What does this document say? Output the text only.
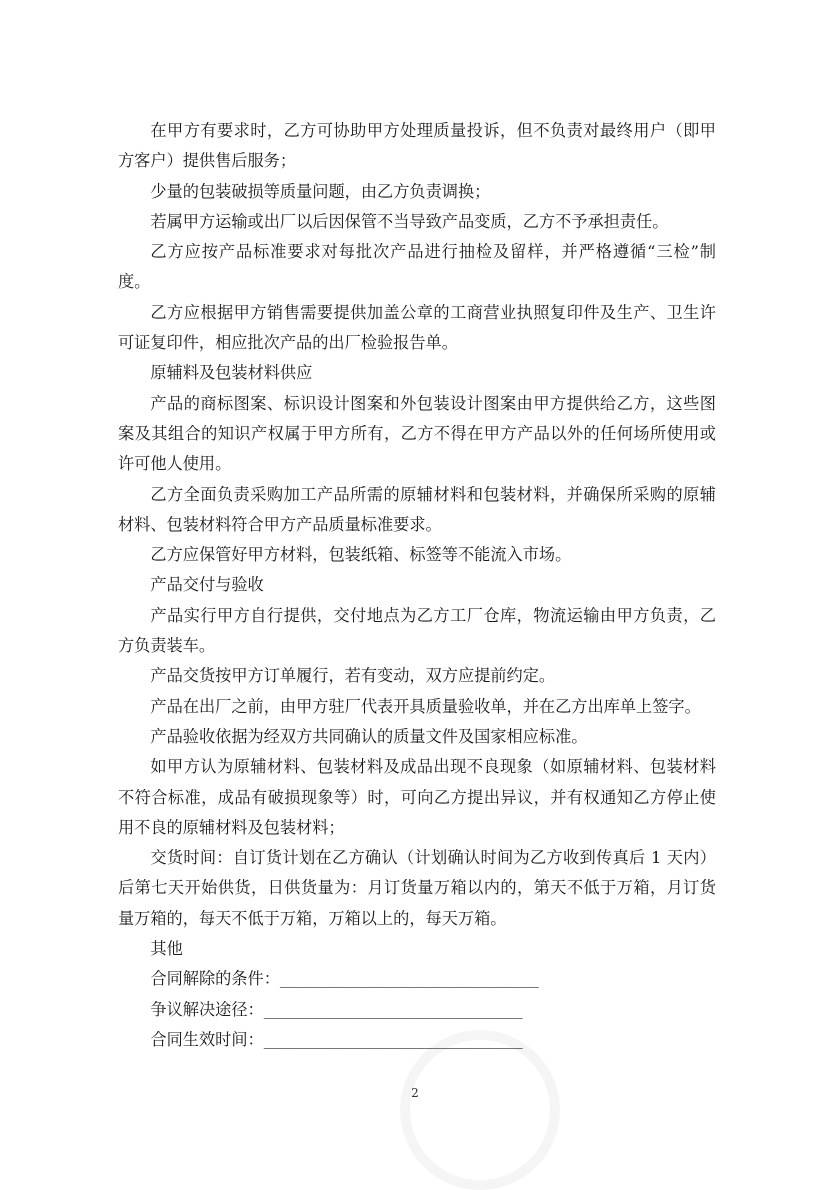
在甲方有要求时，乙方可协助甲方处理质量投诉，但不负责对最终用户（即甲方客户）提供售后服务；

少量的包装破损等质量问题，由乙方负责调换；

若属甲方运输或出厂以后因保管不当导致产品变质，乙方不予承担责任。

乙方应按产品标准要求对每批次产品进行抽检及留样，并严格遵循“三检”制度。

乙方应根据甲方销售需要提供加盖公章的工商营业执照复印件及生产、卫生许可证复印件，相应批次产品的出厂检验报告单。

原辅料及包装材料供应

产品的商标图案、标识设计图案和外包装设计图案由甲方提供给乙方，这些图案及其组合的知识产权属于甲方所有，乙方不得在甲方产品以外的任何场所使用或许可他人使用。

乙方全面负责采购加工产品所需的原辅材料和包装材料，并确保所采购的原辅材料、包装材料符合甲方产品质量标准要求。

乙方应保管好甲方材料，包装纸箱、标签等不能流入市场。

产品交付与验收

产品实行甲方自行提供，交付地点为乙方工厂仓库，物流运输由甲方负责，乙方负责装车。

产品交货按甲方订单履行，若有变动，双方应提前约定。

产品在出厂之前，由甲方驻厂代表开具质量验收单，并在乙方出库单上签字。

产品验收依据为经双方共同确认的质量文件及国家相应标准。

如甲方认为原辅材料、包装材料及成品出现不良现象（如原辅材料、包装材料不符合标准，成品有破损现象等）时，可向乙方提出异议，并有权通知乙方停止使用不良的原辅材料及包装材料；

交货时间：自订货计划在乙方确认（计划确认时间为乙方收到传真后 1 天内）后第七天开始供货，日供货量为：月订货量万箱以内的，第天不低于万箱，月订货量万箱的，每天不低于万箱，万箱以上的，每天万箱。

其他

合同解除的条件：________________________________

争议解决途径：________________________________

合同生效时间：________________________________

2
